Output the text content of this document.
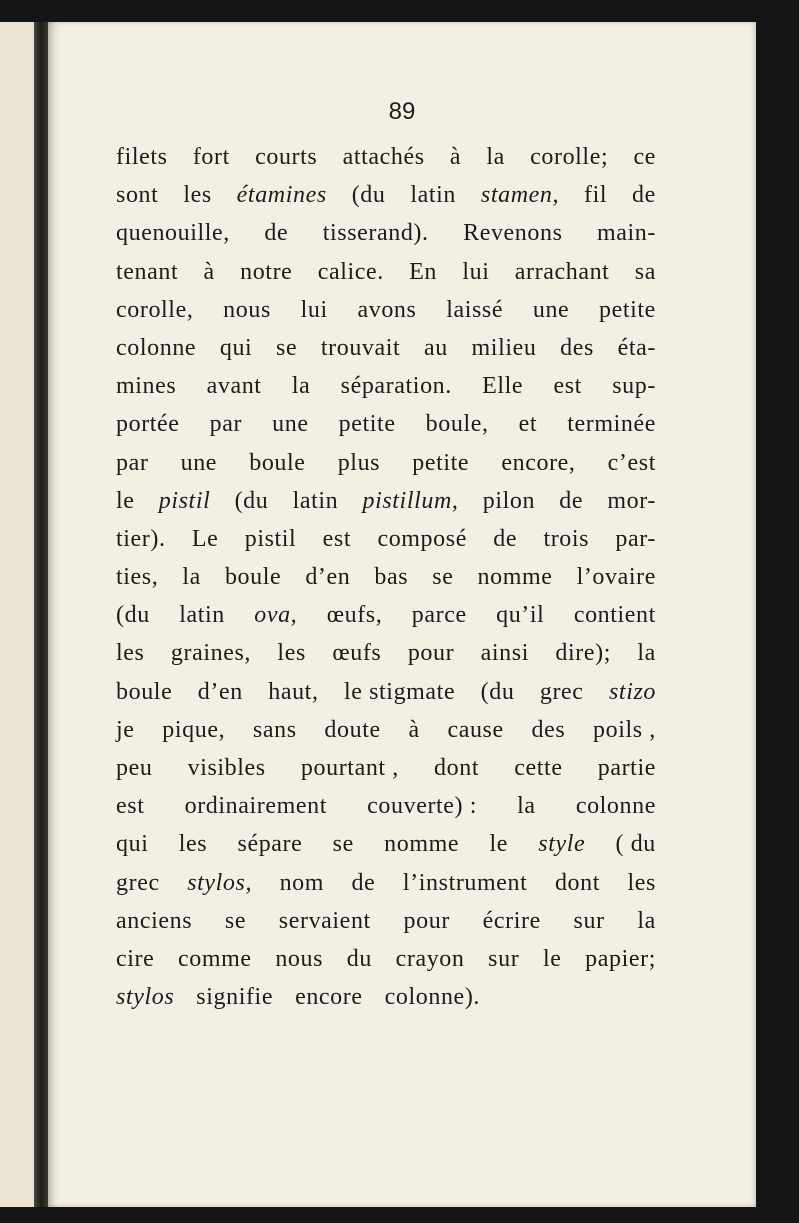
89
filets fort courts attachés à la corolle; ce
sont les étamines (du latin stamen, fil de
quenouille, de tisserand). Revenons main-
tenant à notre calice. En lui arrachant sa
corolle, nous lui avons laissé une petite
colonne qui se trouvait au milieu des éta-
mines avant la séparation. Elle est sup-
portée par une petite boule, et terminée
par une boule plus petite encore, c’est
le pistil (du latin pistillum, pilon de mor-
tier). Le pistil est composé de trois par-
ties, la boule d’en bas se nomme l’ovaire
(du latin ova, œufs, parce qu’il contient
les graines, les œufs pour ainsi dire); la
boule d’en haut, le stigmate (du grec stizo
je pique, sans doute à cause des poils ,
peu visibles pourtant , dont cette partie
est ordinairement couverte) : la colonne
qui les sépare se nomme le style ( du
grec stylos, nom de l’instrument dont les
anciens se servaient pour écrire sur la
cire comme nous du crayon sur le papier;
stylos signifie encore colonne).
